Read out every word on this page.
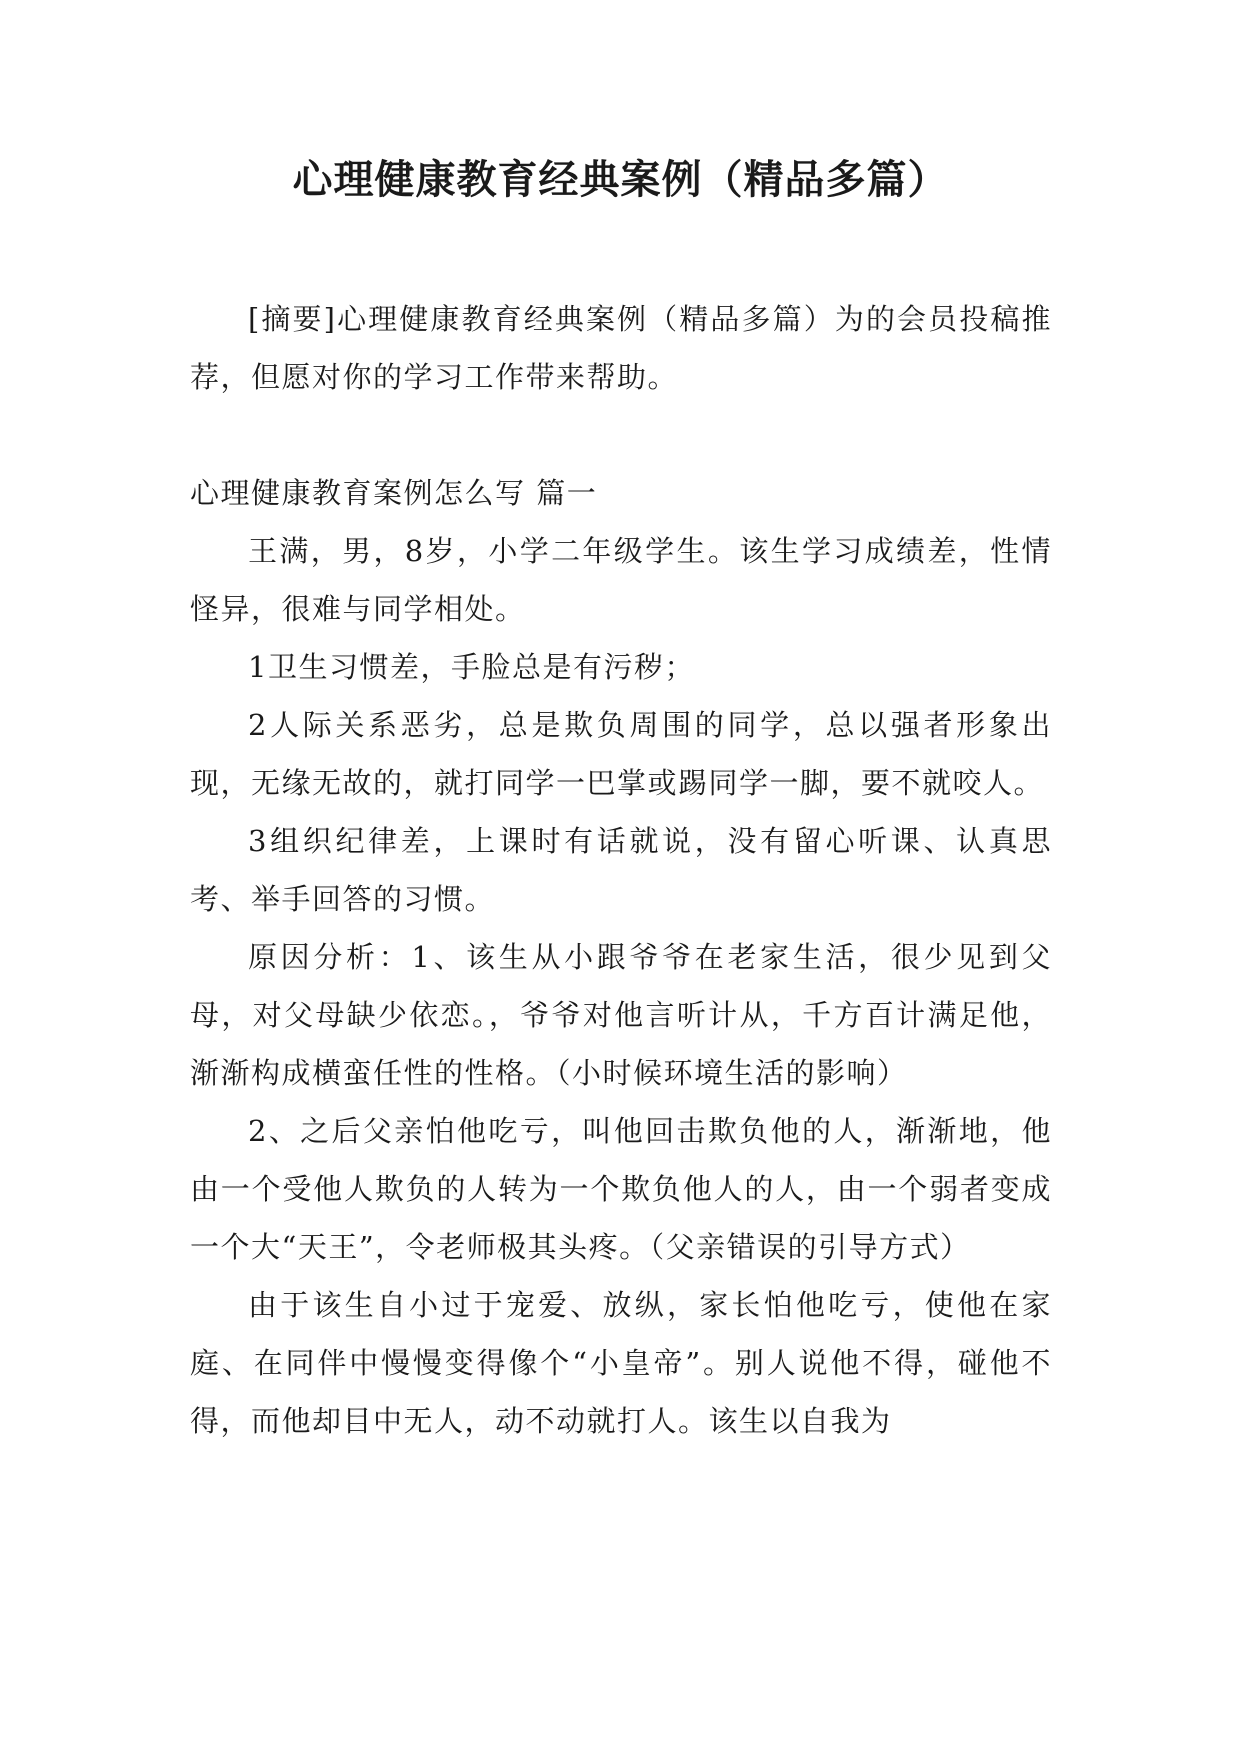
心理健康教育经典案例（精品多篇）

[摘要]心理健康教育经典案例（精品多篇）为的会员投稿推荐，但愿对你的学习工作带来帮助。

心理健康教育案例怎么写 篇一

王满，男，8岁，小学二年级学生。该生学习成绩差，性情怪异，很难与同学相处。

1卫生习惯差，手脸总是有污秽；

2人际关系恶劣，总是欺负周围的同学，总以强者形象出现，无缘无故的，就打同学一巴掌或踢同学一脚，要不就咬人。

3组织纪律差，上课时有话就说，没有留心听课、认真思考、举手回答的习惯。

原因分析：1、该生从小跟爷爷在老家生活，很少见到父母，对父母缺少依恋。，爷爷对他言听计从，千方百计满足他，渐渐构成横蛮任性的性格。（小时候环境生活的影响）

2、之后父亲怕他吃亏，叫他回击欺负他的人，渐渐地，他由一个受他人欺负的人转为一个欺负他人的人，由一个弱者变成一个大“天王”，令老师极其头疼。（父亲错误的引导方式）

由于该生自小过于宠爱、放纵，家长怕他吃亏，使他在家庭、在同伴中慢慢变得像个“小皇帝”。别人说他不得，碰他不得，而他却目中无人，动不动就打人。该生以自我为
